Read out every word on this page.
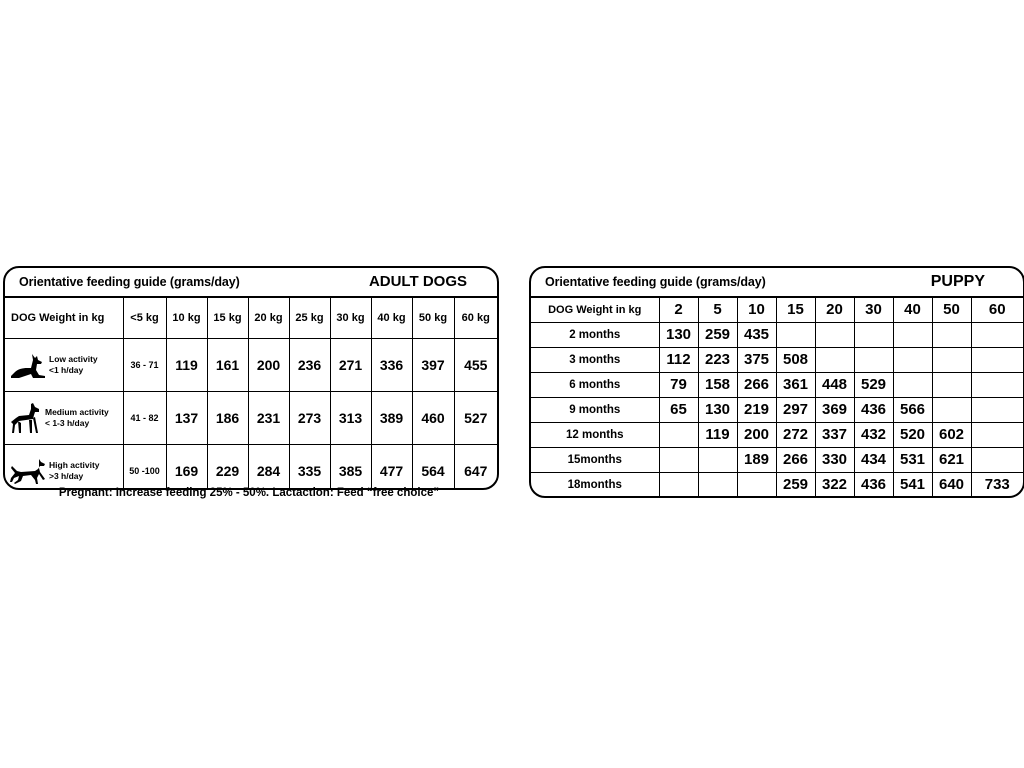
Orientative feeding guide (grams/day)	ADULT DOGS
DOG Weight in kg	<5 kg	10 kg	15 kg	20 kg	25 kg	30 kg	40 kg	50 kg	60 kg

Low activity
<1 h/day	36 - 71	119	161	200	236	271	336	397	455

Medium activity
< 1-3 h/day	41 - 82	137	186	231	273	313	389	460	527

High activity
>3 h/day	50 -100	169	229	284	335	385	477	564	647
Pregnant: Increase feeding 25% - 50%. Lactaction: Feed “free choice”
Orientative feeding guide (grams/day)	PUPPY
DOG Weight in kg	2	5	10	15	20	30	40	50	60
2 months	130	259	435						
3 months	112	223	375	508					
6 months	79	158	266	361	448	529			
9 months	65	130	219	297	369	436	566		
12 months		119	200	272	337	432	520	602	
15months			189	266	330	434	531	621	
18months				259	322	436	541	640	733
